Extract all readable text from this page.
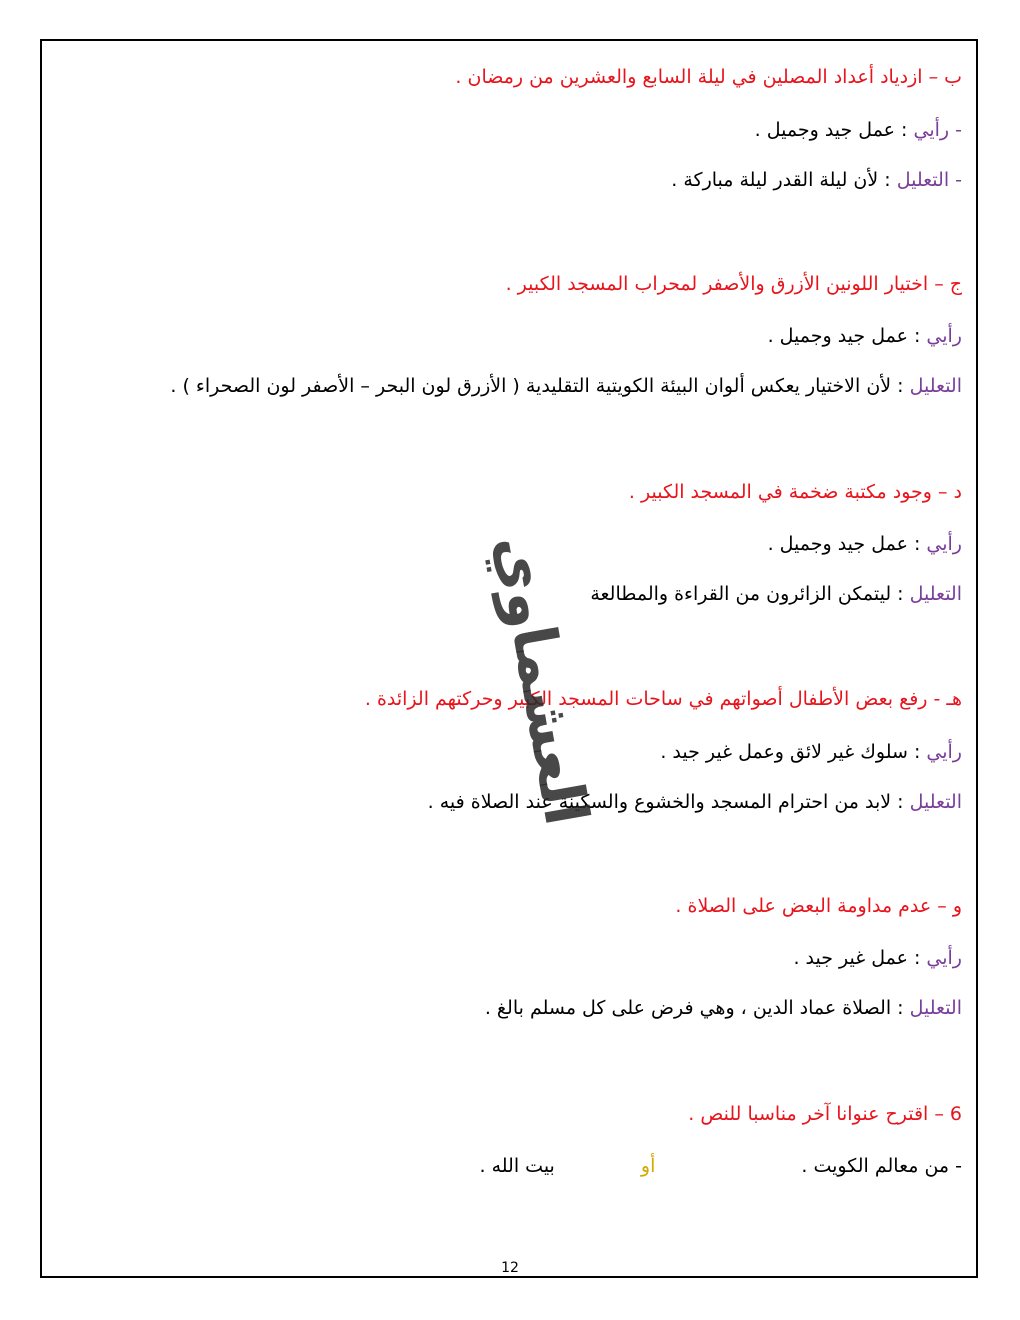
ب – ازدياد أعداد المصلين في ليلة السابع والعشرين من رمضان .
- رأيي : عمل جيد وجميل .
- التعليل : لأن ليلة القدر ليلة مباركة .
ج – اختيار اللونين الأزرق والأصفر لمحراب المسجد الكبير .
رأيي : عمل جيد وجميل .
التعليل : لأن الاختيار يعكس ألوان البيئة الكويتية التقليدية ( الأزرق لون البحر – الأصفر لون الصحراء ) .
د – وجود مكتبة ضخمة في المسجد الكبير .
رأيي : عمل جيد وجميل .
التعليل : ليتمكن الزائرون من القراءة والمطالعة
هـ - رفع بعض الأطفال أصواتهم في ساحات المسجد الكبير وحركتهم الزائدة .
رأيي : سلوك غير لائق وعمل غير جيد .
التعليل : لابد من احترام المسجد والخشوع والسكينة عند الصلاة فيه .
و – عدم مداومة البعض على الصلاة .
رأيي : عمل غير جيد .
التعليل : الصلاة عماد الدين ، وهي فرض على كل مسلم بالغ .
6 – اقترح عنوانا آخر مناسبا للنص .
- من معالم الكويت . أو بيت الله .
العشماوي
12
